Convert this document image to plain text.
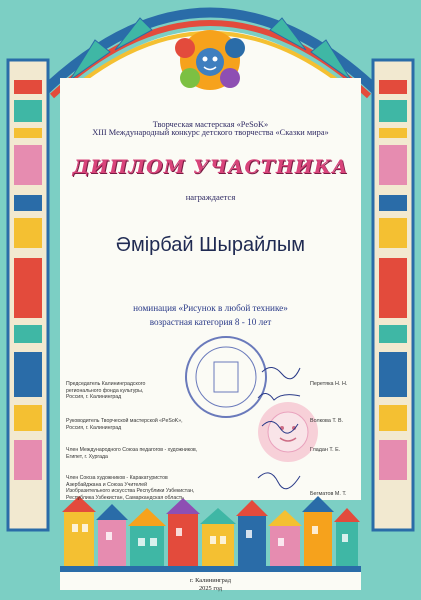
Творческая мастерская «PeSoK»
XIII Международный конкурс детского творчества «Сказки мира»
ДИПЛОМ УЧАСТНИКА
награждается
Әмірбай Шырайлым
номинация «Рисунок в любой технике»
возрастная категория 8 - 10 лет
Председатель Калининградского
регионального фонда культуры,
Россия, г. Калининград
Перетяка Н. Н.
Руководитель Творческой мастерской «PeSoK»,
Россия, г. Калининград
Волкова Т. В.
Член Международного Союза педагогов - художников,
Египет, г. Хургада
Гладан Т. Е.
Член Союза художников - Каракатуристов
Азербайджана и Союза Учителей
Изобразительного искусства Республики Узбекистан,
Республика Узбекистан, Самаркандская область
Бегматов М. Т.
г. Калининград
2025 год
